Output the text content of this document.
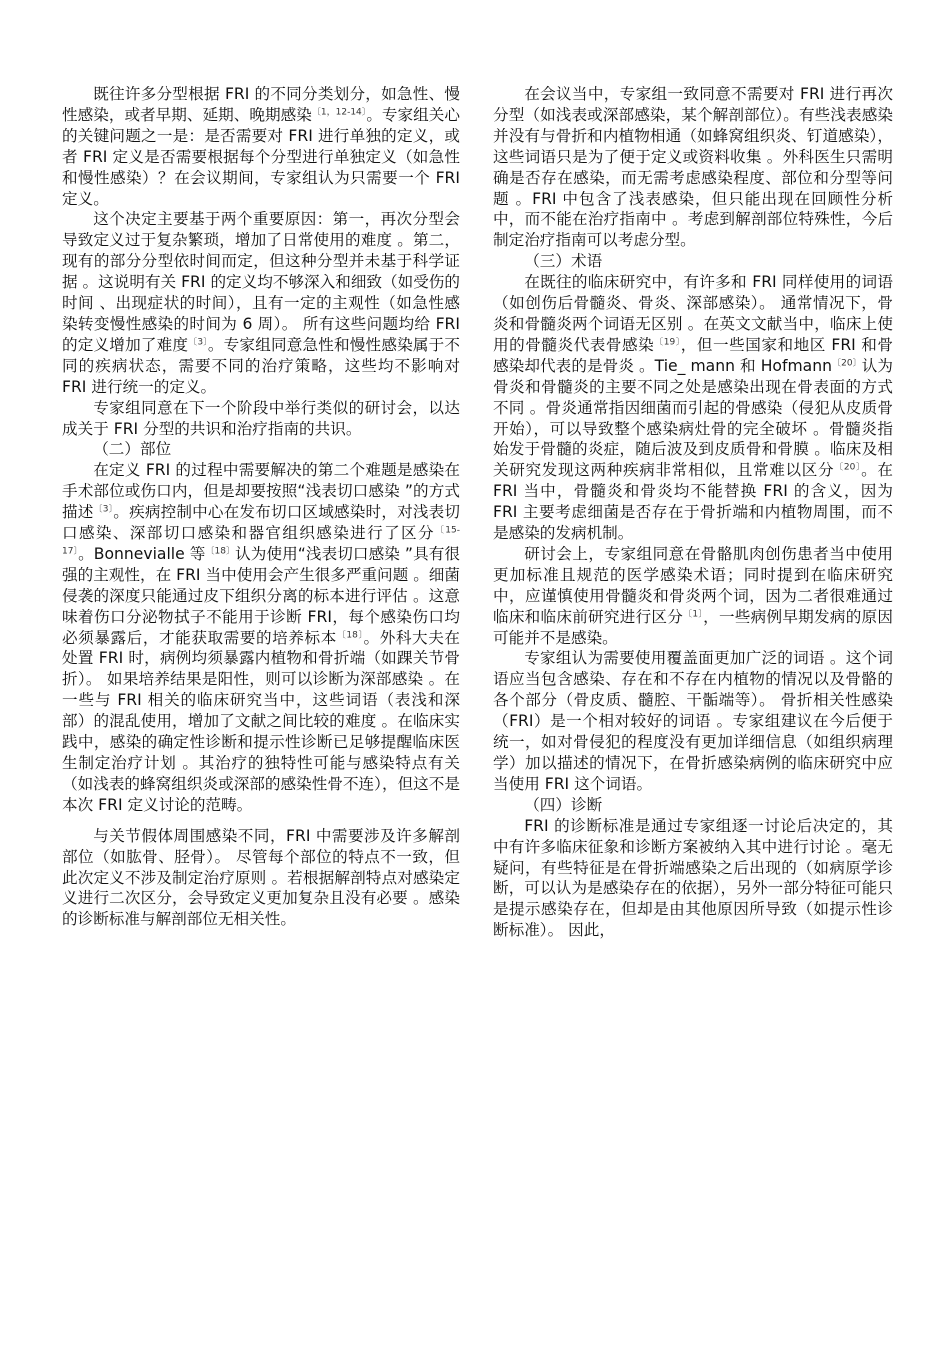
既往许多分型根据 FRI 的不同分类划分，如急性、慢性感染，或者早期、延期、晚期感染$^{〔1,12-14〕}$。专家组关心的关键问题之一是：是否需要对 FRI 进行单独的定义，或者 FRI 定义是否需要根据每个分型进行单独定义（如急性和慢性感染）？在会议期间，专家组认为只需要一个 FRI 定义。

这个决定主要基于两个重要原因：第一，再次分型会导致定义过于复杂繁琐，增加了日常使用的难度 。第二，现有的部分分型依时间而定，但这种分型并未基于科学证据 。这说明有关 FRI 的定义均不够深入和细致（如受伤的时间 、出现症状的时间），且有一定的主观性（如急性感染转变慢性感染的时间为 6 周）。 所有这些问题均给 FRI 的定义增加了难度$^{〔3〕}$。专家组同意急性和慢性感染属于不同的疾病状态，需要不同的治疗策略，这些均不影响对 FRI 进行统一的定义。

专家组同意在下一个阶段中举行类似的研讨会，以达成关于 FRI 分型的共识和治疗指南的共识。

（二）部位

在定义 FRI 的过程中需要解决的第二个难题是感染在手术部位或伤口内，但是却要按照“浅表切口感染 ”的方式描述$^{〔3〕}$。疾病控制中心在发布切口区域感染时，对浅表切口感染、深部切口感染和器官组织感染进行了区分$^{〔15-17〕}$。Bonnevialle 等$^{〔18〕}$认为使用“浅表切口感染 ”具有很强的主观性，在 FRI 当中使用会产生很多严重问题 。细菌侵袭的深度只能通过皮下组织分离的标本进行评估 。这意味着伤口分泌物拭子不能用于诊断 FRI，每个感染伤口均必须暴露后，才能获取需要的培养标本$^{〔18〕}$。外科大夫在处置 FRI 时，病例均须暴露内植物和骨折端（如踝关节骨折）。 如果培养结果是阳性，则可以诊断为深部感染 。在一些与 FRI 相关的临床研究当中，这些词语（表浅和深部）的混乱使用，增加了文献之间比较的难度 。在临床实践中，感染的确定性诊断和提示性诊断已足够提醒临床医生制定治疗计划 。其治疗的独特性可能与感染特点有关（如浅表的蜂窝组织炎或深部的感染性骨不连），但这不是本次 FRI 定义讨论的范畴。

与关节假体周围感染不同，FRI 中需要涉及许多解剖部位（如肱骨、胫骨）。 尽管每个部位的特点不一致，但此次定义不涉及制定治疗原则 。若根据解剖特点对感染定义进行二次区分，会导致定义更加复杂且没有必要 。感染的诊断标准与解剖部位无相关性。

在会议当中，专家组一致同意不需要对 FRI 进行再次分型（如浅表或深部感染，某个解剖部位）。有些浅表感染并没有与骨折和内植物相通（如蜂窝组织炎、钉道感染），这些词语只是为了便于定义或资料收集 。外科医生只需明确是否存在感染，而无需考虑感染程度、部位和分型等问题 。FRI 中包含了浅表感染，但只能出现在回顾性分析中，而不能在治疗指南中 。考虑到解剖部位特殊性，今后制定治疗指南可以考虑分型。

（三）术语

在既往的临床研究中，有许多和 FRI 同样使用的词语（如创伤后骨髓炎、骨炎、深部感染）。 通常情况下，骨炎和骨髓炎两个词语无区别 。在英文文献当中，临床上使用的骨髓炎代表骨感染$^{〔19〕}$，但一些国家和地区 FRI 和骨感染却代表的是骨炎 。Tie_ mann 和 Hofmann$^{〔20〕}$认为骨炎和骨髓炎的主要不同之处是感染出现在骨表面的方式不同 。骨炎通常指因细菌而引起的骨感染（侵犯从皮质骨开始），可以导致整个感染病灶骨的完全破坏 。骨髓炎指始发于骨髓的炎症，随后波及到皮质骨和骨膜 。临床及相关研究发现这两种疾病非常相似，且常难以区分$^{〔20〕}$。在 FRI 当中，骨髓炎和骨炎均不能替换 FRI 的含义，因为 FRI 主要考虑细菌是否存在于骨折端和内植物周围，而不是感染的发病机制。

研讨会上，专家组同意在骨骼肌肉创伤患者当中使用更加标准且规范的医学感染术语；同时提到在临床研究中，应谨慎使用骨髓炎和骨炎两个词，因为二者很难通过临床和临床前研究进行区分$^{〔1〕}$，一些病例早期发病的原因可能并不是感染。

专家组认为需要使用覆盖面更加广泛的词语 。这个词语应当包含感染、存在和不存在内植物的情况以及骨骼的各个部分（骨皮质、髓腔、干骺端等）。 骨折相关性感染（FRI）是一个相对较好的词语 。专家组建议在今后便于统一，如对骨侵犯的程度没有更加详细信息（如组织病理学）加以描述的情况下，在骨折感染病例的临床研究中应当使用 FRI 这个词语。

（四）诊断

FRI 的诊断标准是通过专家组逐一讨论后决定的，其中有许多临床征象和诊断方案被纳入其中进行讨论 。毫无疑问，有些特征是在骨折端感染之后出现的（如病原学诊断，可以认为是感染存在的依据），另外一部分特征可能只是提示感染存在，但却是由其他原因所导致（如提示性诊断标准）。 因此，
